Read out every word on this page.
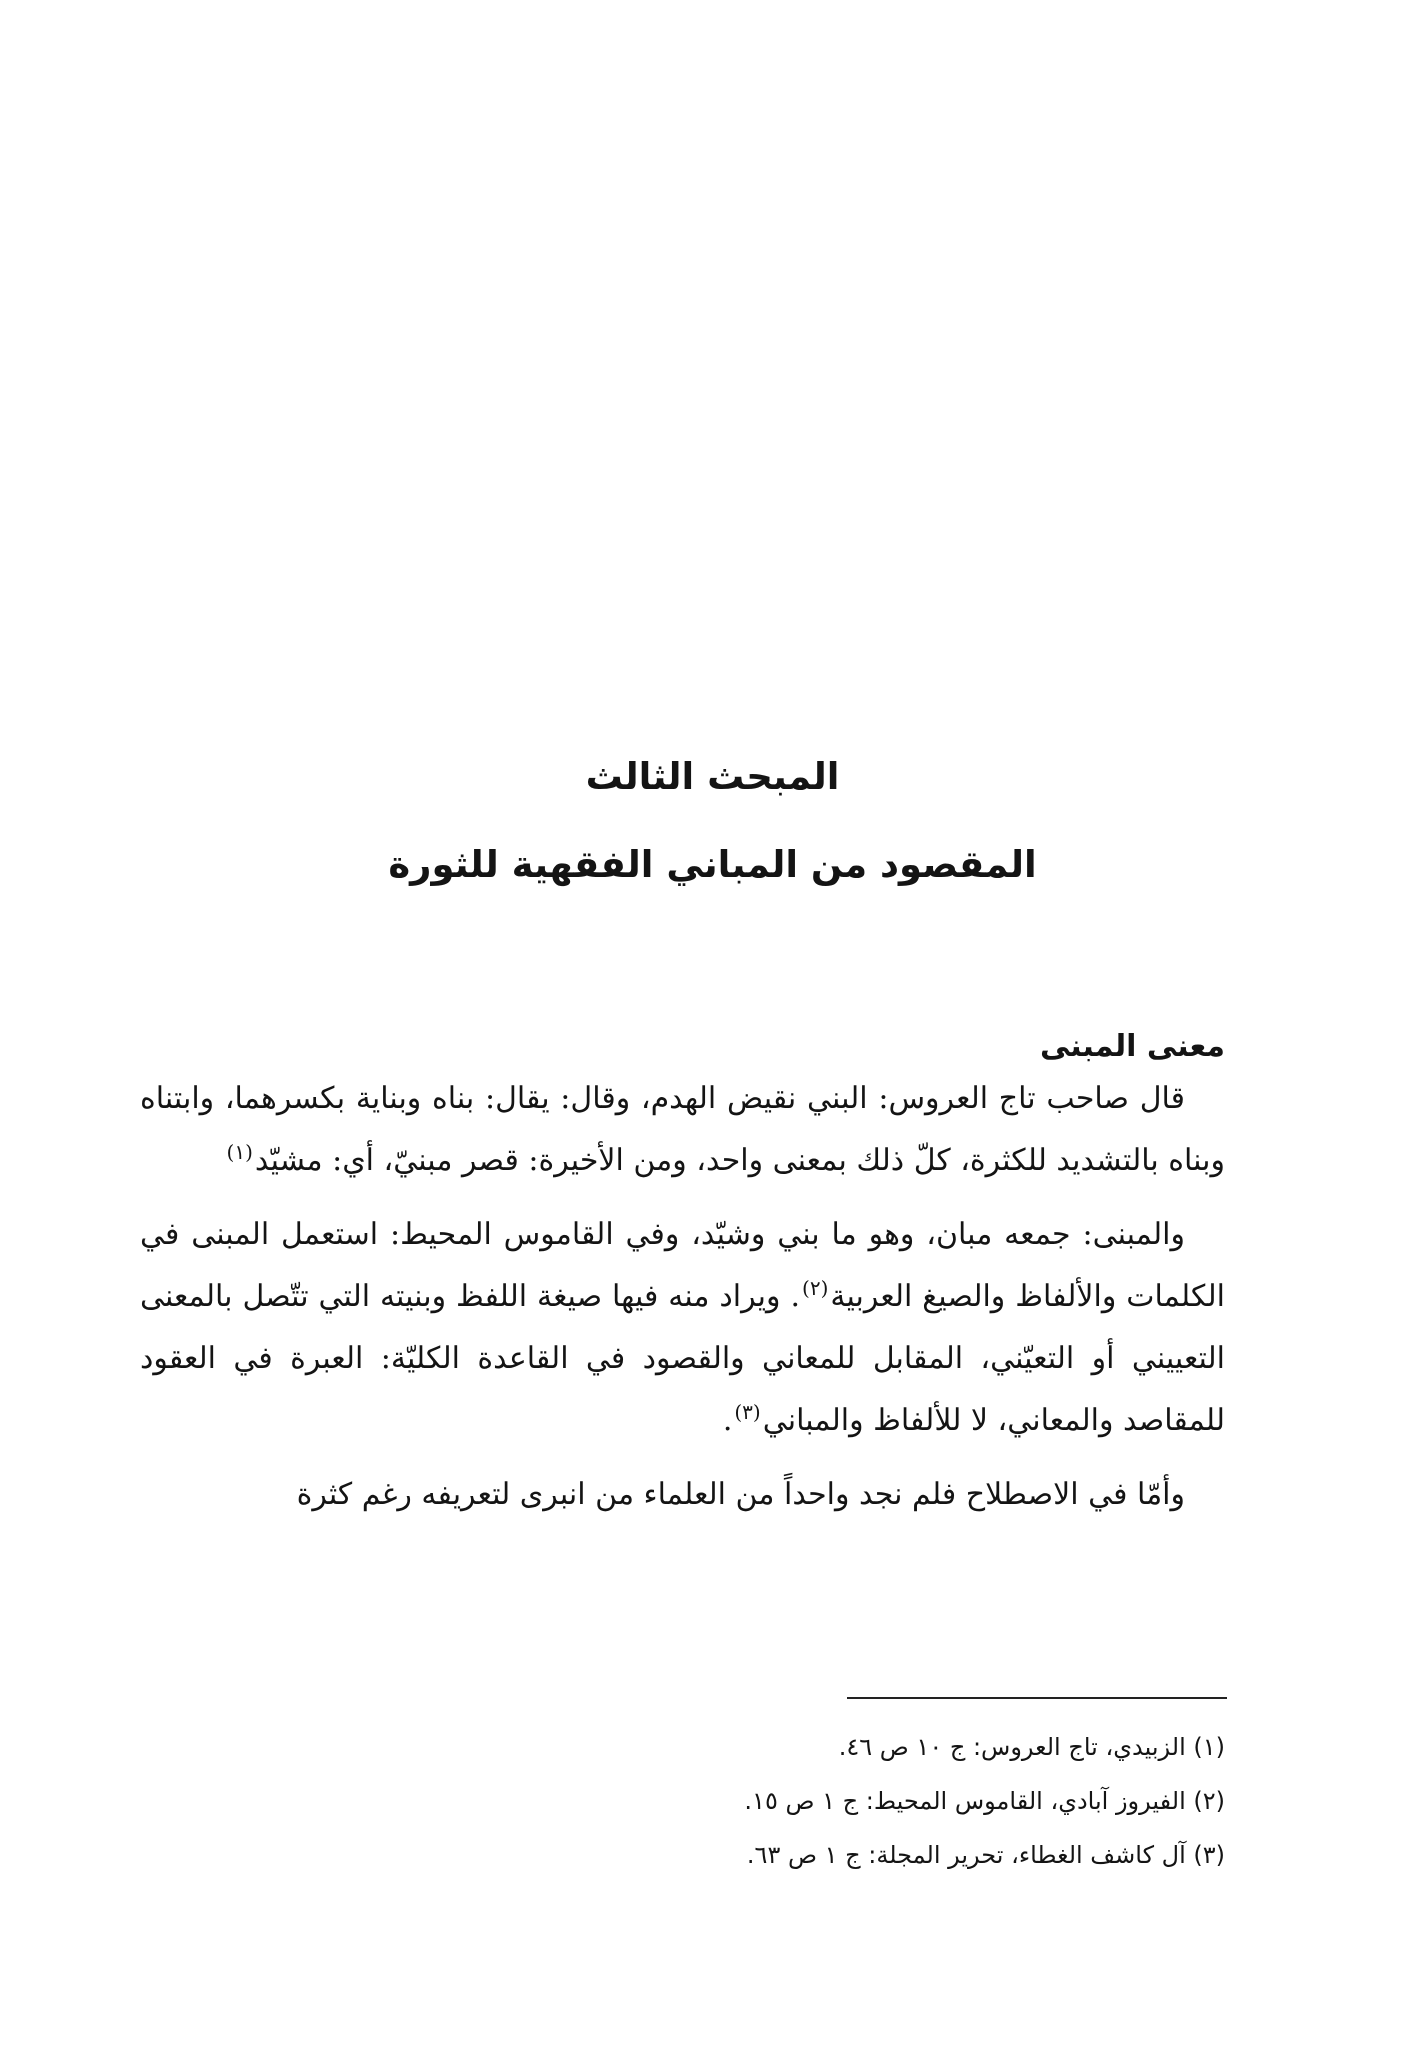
المبحث الثالث
المقصود من المباني الفقهية للثورة
معنى المبنى

قال صاحب تاج العروس: البني نقيض الهدم، وقال: يقال: بناه وبناية بكسرهما، وابتناه وبناه بالتشديد للكثرة، كلّ ذلك بمعنى واحد، ومن الأخيرة: قصر مبنيّ، أي: مشيّد$^{(١)}$

والمبنى: جمعه مبان، وهو ما بني وشيّد، وفي القاموس المحيط: استعمل المبنى في الكلمات والألفاظ والصيغ العربية$^{(٢)}$. ويراد منه فيها صيغة اللفظ وبنيته التي تتّصل بالمعنى التعييني أو التعيّني، المقابل للمعاني والقصود في القاعدة الكليّة: العبرة في العقود للمقاصد والمعاني، لا للألفاظ والمباني$^{(٣)}$.

وأمّا في الاصطلاح فلم نجد واحداً من العلماء من انبرى لتعريفه رغم كثرة

(١) الزبيدي، تاج العروس: ج ١٠ ص ٤٦.

(٢) الفيروز آبادي، القاموس المحيط: ج ١ ص ١٥.

(٣) آل كاشف الغطاء، تحرير المجلة: ج ١ ص ٦٣.
